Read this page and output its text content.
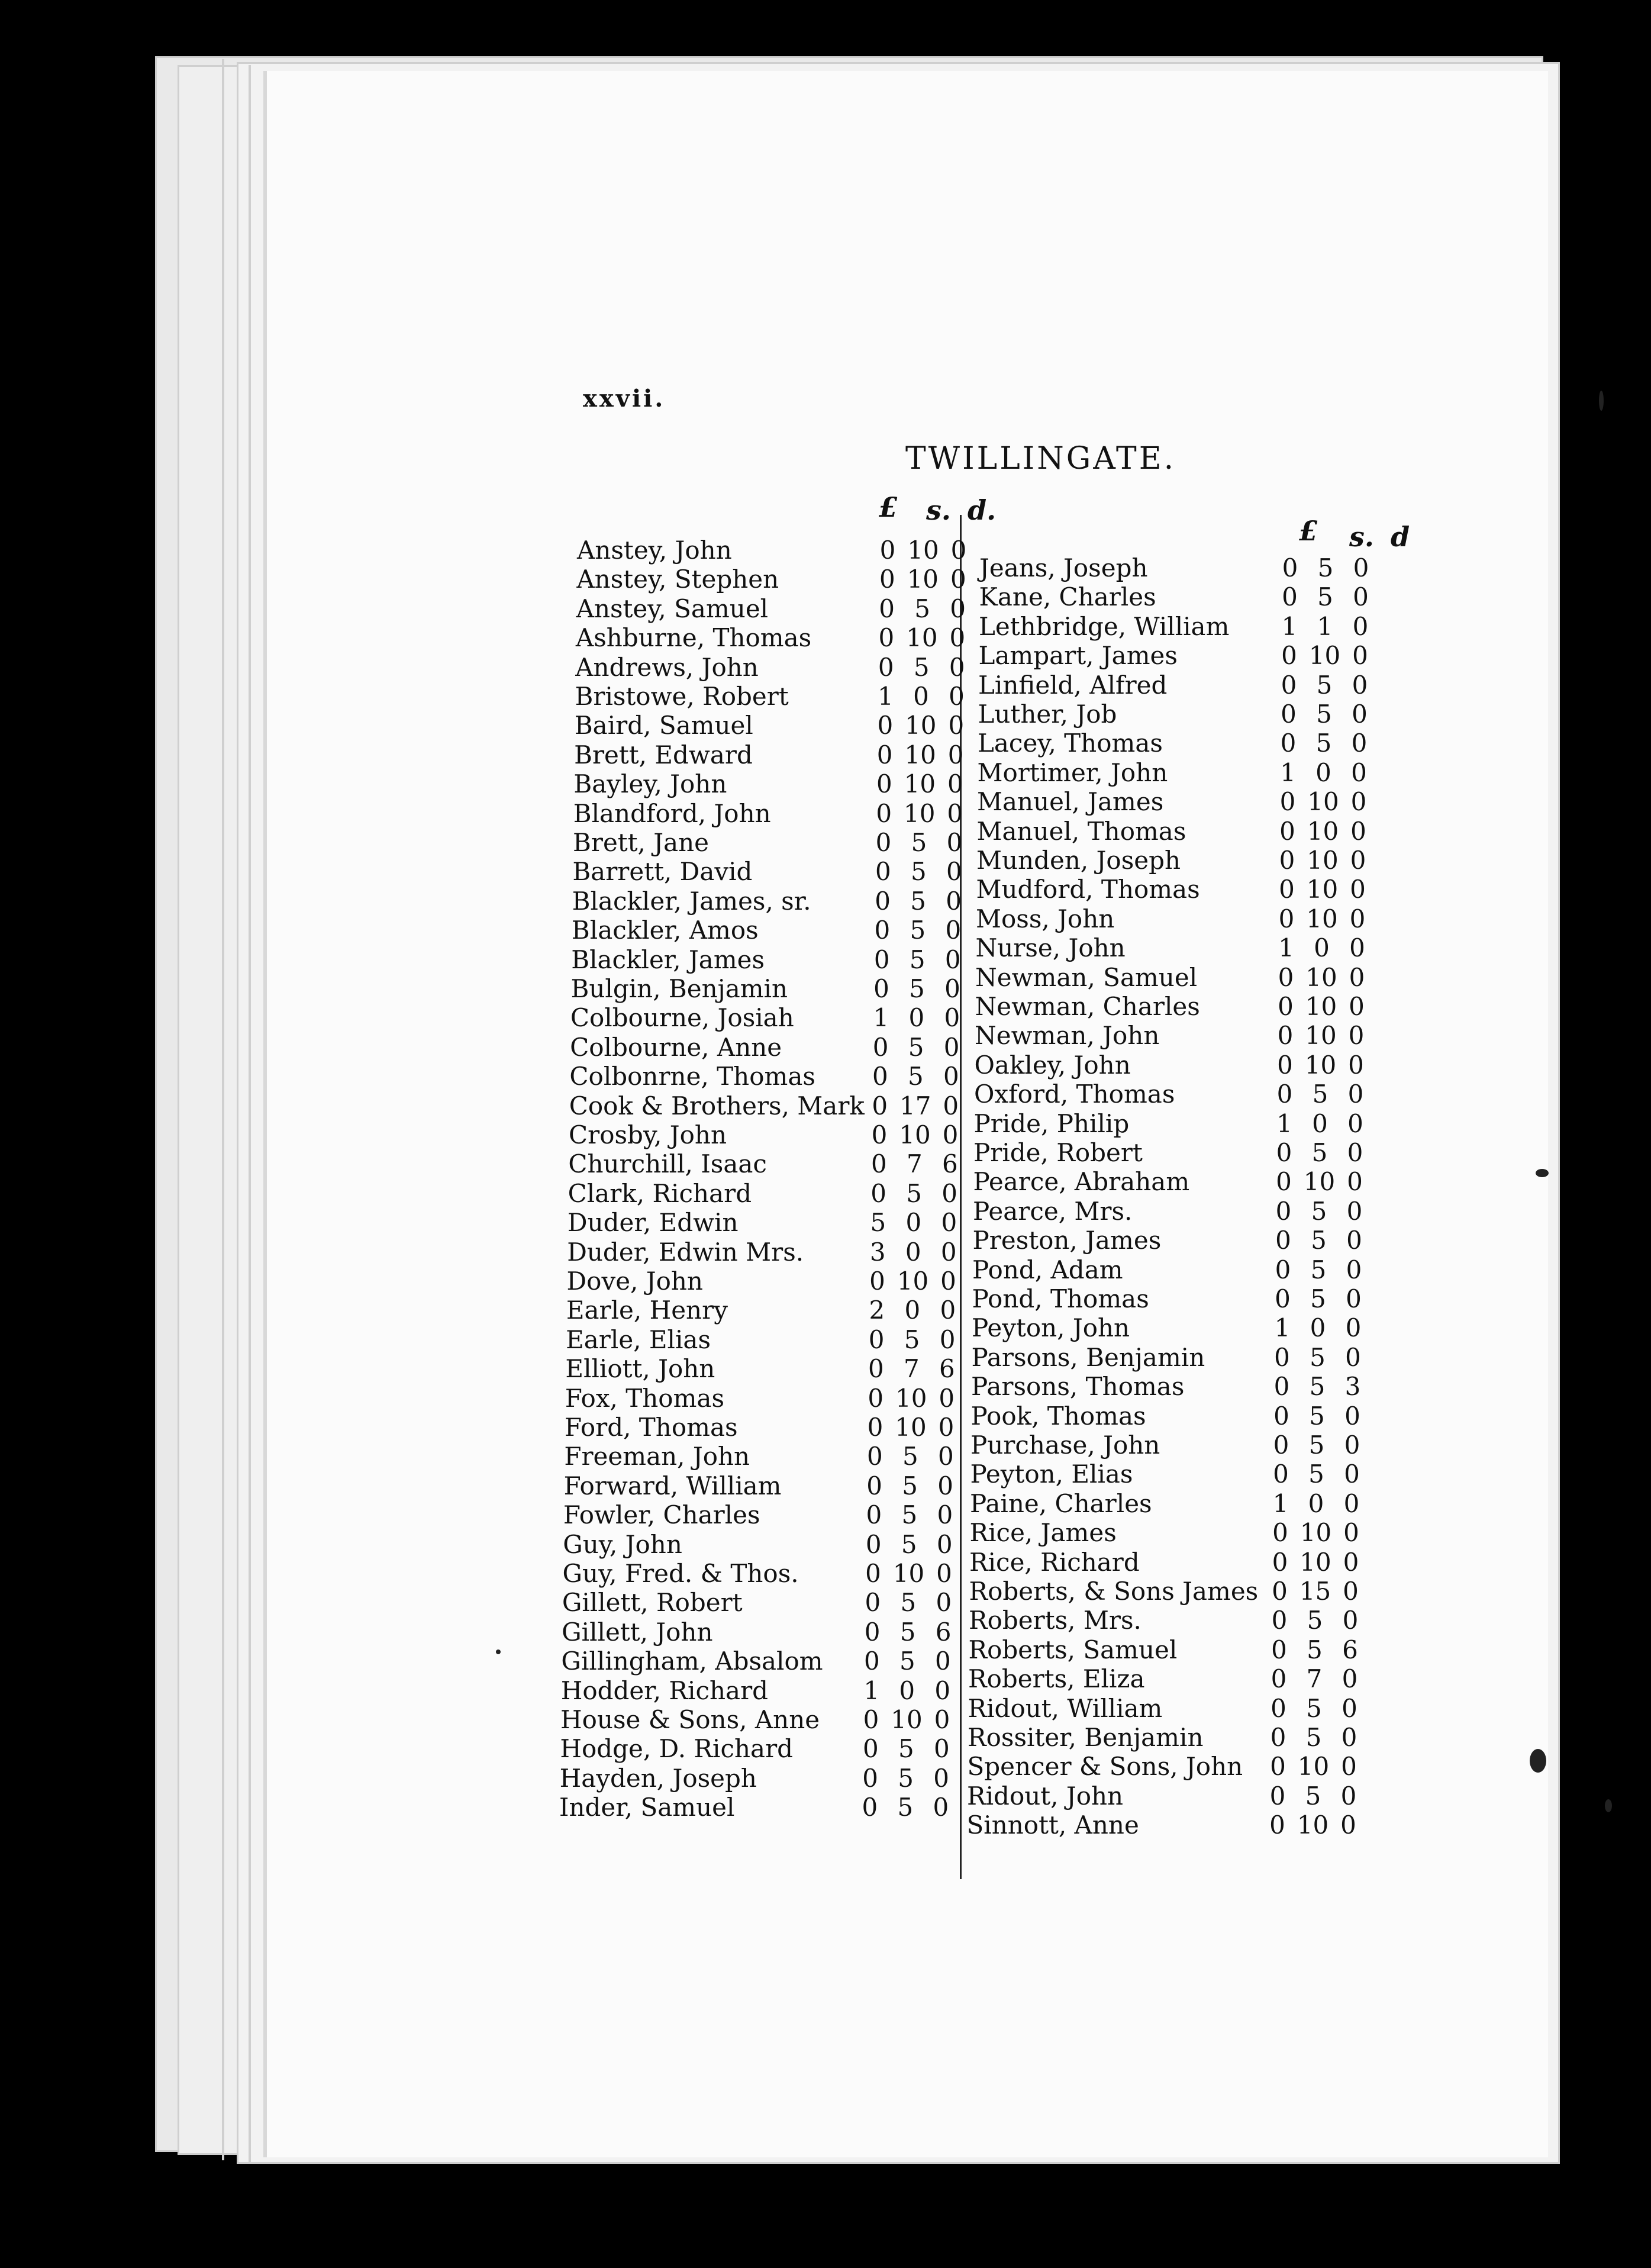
xxvii.
TWILLINGATE.
£ s. d.
£ s. d
Anstey, John	0 10 0
Anstey, Stephen	0 10 0
Anstey, Samuel	0 5 0
Ashburne, Thomas	0 10 0
Andrews, John	0 5 0
Bristowe, Robert	1 0 0
Baird, Samuel	0 10 0
Brett, Edward	0 10 0
Bayley, John	0 10 0
Blandford, John	0 10 0
Brett, Jane	0 5 0
Barrett, David	0 5 0
Blackler, James, sr.	0 5 0
Blackler, Amos	0 5 0
Blackler, James	0 5 0
Bulgin, Benjamin	0 5 0
Colbourne, Josiah	1 0 0
Colbourne, Anne	0 5 0
Colbonrne, Thomas 0 5 0
Cook & Brothers, Mark 0 17 0
Crosby, John	0 10 0
Churchill, Isaac	0 7 6
Clark, Richard	0 5 0
Duder, Edwin	5 0 0
Duder, Edwin Mrs.	3 0 0
Dove, John	0 10 0
Earle, Henry	2 0 0
Earle, Elias	0 5 0
Elliott, John	0 7 6
Fox, Thomas	0 10 0
Ford, Thomas	0 10 0
Freeman, John	0 5 0
Forward, William	0 5 0
Fowler, Charles	0 5 0
Guy, John	0 5 0
Guy, Fred. & Thos.	0 10 0
Gillett, Robert	0 5 0
Gillett, John	0 5 6
Gillingham, Absalom 0 5 0
Hodder, Richard	1 0 0
House & Sons, Anne 0 10 0
Hodge, D. Richard	0 5 0
Hayden, Joseph	0 5 0
Inder, Samuel	0 5 0
Jeans, Joseph	0 5 0
Kane, Charles	0 5 0
Lethbridge, William 1 1 0
Lampart, James	0 10 0
Linfield, Alfred	0 5 0
Luther, Job	0 5 0
Lacey, Thomas	0 5 0
Mortimer, John	1 0 0
Manuel, James	0 10 0
Manuel, Thomas	0 10 0
Munden, Joseph	0 10 0
Mudford, Thomas	0 10 0
Moss, John	0 10 0
Nurse, John	1 0 0
Newman, Samuel	0 10 0
Newman, Charles	0 10 0
Newman, John	0 10 0
Oakley, John	0 10 0
Oxford, Thomas	0 5 0
Pride, Philip	1 0 0
Pride, Robert	0 5 0
Pearce, Abraham	0 10 0
Pearce, Mrs.	0 5 0
Preston, James	0 5 0
Pond, Adam	0 5 0
Pond, Thomas	0 5 0
Peyton, John	1 0 0
Parsons, Benjamin	0 5 0
Parsons, Thomas	0 5 3
Pook, Thomas	0 5 0
Purchase, John	0 5 0
Peyton, Elias	0 5 0
Paine, Charles	1 0 0
Rice, James	0 10 0
Rice, Richard	0 10 0
Roberts, & Sons James 0 15 0
Roberts, Mrs.	0 5 0
Roberts, Samuel	0 5 6
Roberts, Eliza	0 7 0
Ridout, William	0 5 0
Rossiter, Benjamin	0 5 0
Spencer & Sons, John 0 10 0
Ridout, John	0 5 0
Sinnott, Anne	0 10 0
